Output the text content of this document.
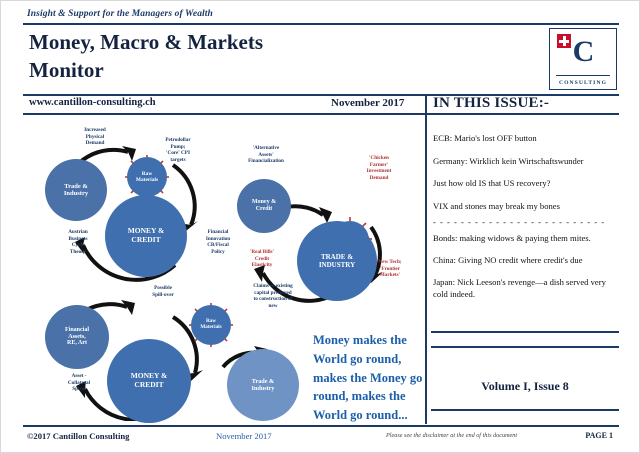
Insight & Support for the Managers of Wealth
Money, Macro & Markets
Monitor
C
CONSULTING
www.cantillon-consulting.ch	November 2017
Trade &
Industry
Raw
Materials
MONEY &
CREDIT
Increased
Physical
Demand	Petrodollar
Pump;
'Core' CPI
targets
Austrian
Business
Cycle
Theory
Financial
Innovation
CB/Fiscal
Policy
Money &
Credit

TRADE &
INDUSTRY
'Alternative
Assets'
Financialization	'Chicken
Farmer'
Investment
Demand
'Real Bills'
Credit
Elasticity	New Tech;
'Frontier
Markets'
Financial
Assets,
RE, Art
Raw
Materials
MONEY &
CREDIT	Trade &
Industry
Possible
Spill-over
Claims to existing
capital preferred
to construction of
new
Asset -
Collateral
Spiral
IN THIS ISSUE:-
ECB: Mario's lost OFF button
Germany: Wirklich kein Wirtschaftswunder
Just how old IS that US recovery?
VIX and stones may break my bones
- - - - - - - - - - - - - - - - - - - - - - - - -
Bonds: making widows & paying them mites.
China: Giving NO credit where credit's due
Japan: Nick Leeson's revenge—a dish served very cold indeed.
Volume I, Issue 8
Money makes the World go round, makes the Money go round, makes the World go round...
©2017 Cantillon Consulting	November 2017	Please see the disclaimer at the end of this document	PAGE 1
